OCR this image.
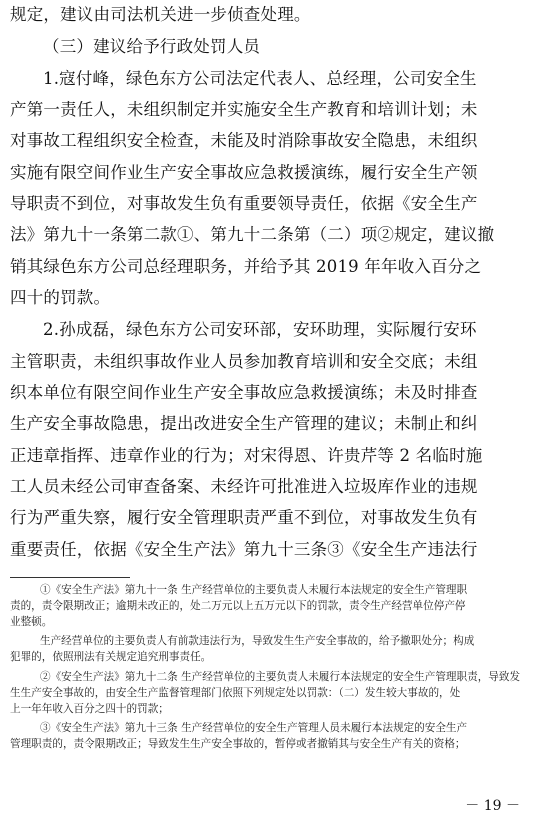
规定，建议由司法机关进一步侦查处理。
（三）建议给予行政处罚人员
1.寇付峰，绿色东方公司法定代表人、总经理，公司安全生
产第一责任人，未组织制定并实施安全生产教育和培训计划；未
对事故工程组织安全检查，未能及时消除事故安全隐患，未组织
实施有限空间作业生产安全事故应急救援演练，履行安全生产领
导职责不到位，对事故发生负有重要领导责任，依据《安全生产
法》第九十一条第二款①、第九十二条第（二）项②规定，建议撤
销其绿色东方公司总经理职务，并给予其 2019 年年收入百分之
四十的罚款。
2.孙成磊，绿色东方公司安环部，安环助理，实际履行安环
主管职责，未组织事故作业人员参加教育培训和安全交底；未组
织本单位有限空间作业生产安全事故应急救援演练；未及时排查
生产安全事故隐患，提出改进安全生产管理的建议；未制止和纠
正违章指挥、违章作业的行为；对宋得恩、许贵芹等 2 名临时施
工人员未经公司审查备案、未经许可批准进入垃圾库作业的违规
行为严重失察，履行安全管理职责严重不到位，对事故发生负有
重要责任，依据《安全生产法》第九十三条③《安全生产违法行
①《安全生产法》第九十一条 生产经营单位的主要负责人未履行本法规定的安全生产管理职
责的，责令限期改正；逾期未改正的，处二万元以上五万元以下的罚款，责令生产经营单位停产停
业整顿。
生产经营单位的主要负责人有前款违法行为，导致发生生产安全事故的，给予撤职处分；构成
犯罪的，依照刑法有关规定追究刑事责任。
②《安全生产法》第九十二条 生产经营单位的主要负责人未履行本法规定的安全生产管理职责，导致发
生生产安全事故的，由安全生产监督管理部门依照下列规定处以罚款：（二）发生较大事故的，处
上一年年收入百分之四十的罚款；
③《安全生产法》第九十三条 生产经营单位的安全生产管理人员未履行本法规定的安全生产
管理职责的，责令限期改正；导致发生生产安全事故的，暂停或者撤销其与安全生产有关的资格；
－ 19 －
